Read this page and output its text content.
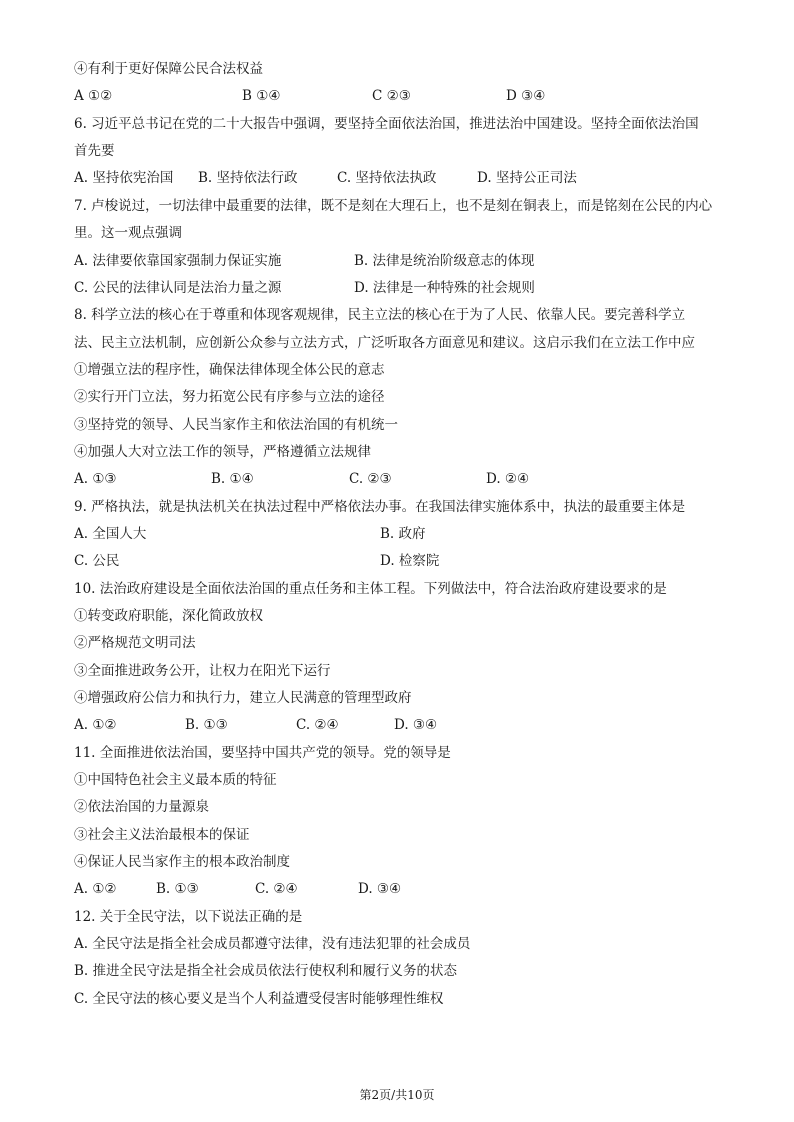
④有利于更好保障公民合法权益
A ①②	B ①④	C ②③	D ③④
6. 习近平总书记在党的二十大报告中强调，要坚持全面依法治国，推进法治中国建设。坚持全面依法治国
首先要
A. 坚持依宪治国 B. 坚持依法行政	C. 坚持依法执政	D. 坚持公正司法
7. 卢梭说过，一切法律中最重要的法律，既不是刻在大理石上，也不是刻在铜表上，而是铭刻在公民的内心
里。这一观点强调
A. 法律要依靠国家强制力保证实施	B. 法律是统治阶级意志的体现
C. 公民的法律认同是法治力量之源	D. 法律是一种特殊的社会规则
8. 科学立法的核心在于尊重和体现客观规律，民主立法的核心在于为了人民、依靠人民。要完善科学立
法、民主立法机制，应创新公众参与立法方式，广泛听取各方面意见和建议。这启示我们在立法工作中应
①增强立法的程序性，确保法律体现全体公民的意志
②实行开门立法，努力拓宽公民有序参与立法的途径
③坚持党的领导、人民当家作主和依法治国的有机统一
④加强人大对立法工作的领导，严格遵循立法规律
A. ①③	B. ①④	C. ②③	D. ②④
9. 严格执法，就是执法机关在执法过程中严格依法办事。在我国法律实施体系中，执法的最重要主体是
A. 全国人大	B. 政府
C. 公民	D. 检察院
10. 法治政府建设是全面依法治国的重点任务和主体工程。下列做法中，符合法治政府建设要求的是
①转变政府职能，深化简政放权
②严格规范文明司法
③全面推进政务公开，让权力在阳光下运行
④增强政府公信力和执行力，建立人民满意的管理型政府
A. ①②	B. ①③	C. ②④	D. ③④
11. 全面推进依法治国，要坚持中国共产党的领导。党的领导是
①中国特色社会主义最本质的特征
②依法治国的力量源泉
③社会主义法治最根本的保证
④保证人民当家作主的根本政治制度
A. ①②	B. ①③	C. ②④	D. ③④
12. 关于全民守法，以下说法正确的是
A. 全民守法是指全社会成员都遵守法律，没有违法犯罪的社会成员
B. 推进全民守法是指全社会成员依法行使权利和履行义务的状态
C. 全民守法的核心要义是当个人利益遭受侵害时能够理性维权
第2页/共10页
